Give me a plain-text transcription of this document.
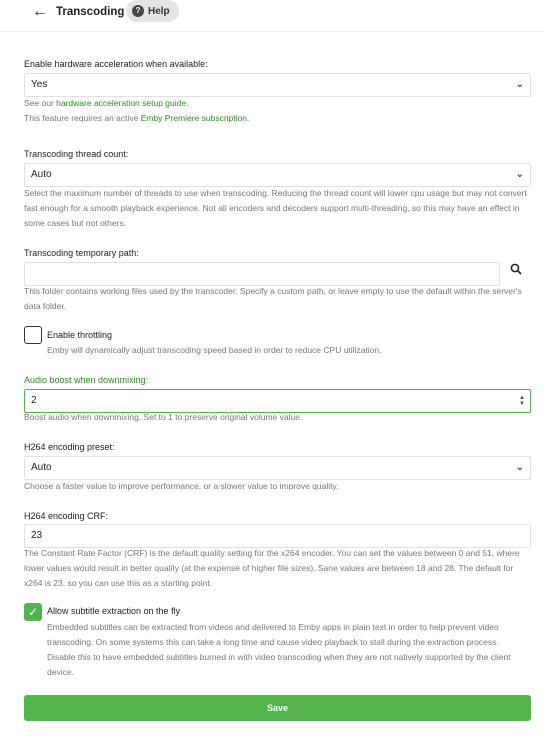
← Transcoding	? Help
Enable hardware acceleration when available:
Yes	⌄
See our hardware acceleration setup guide.
This feature requires an active Emby Premiere subscription.
Transcoding thread count:
Auto	⌄
Select the maximum number of threads to use when transcoding. Reducing the thread count will lower cpu usage but may not convert fast enough for a smooth playback experience. Not all encoders and decoders support multi-threading, so this may have an effect in some cases but not others.
Transcoding temporary path:
This folder contains working files used by the transcoder. Specify a custom path, or leave empty to use the default within the server's data folder.
Enable throttling
Emby will dynamically adjust transcoding speed based in order to reduce CPU utilization.
Audio boost when downmixing:
2	▲
▼
Boost audio when downmixing. Set to 1 to preserve original volume value.
H264 encoding preset:
Auto	⌄
Choose a faster value to improve performance, or a slower value to improve quality.
H264 encoding CRF:
23
The Constant Rate Factor (CRF) is the default quality setting for the x264 encoder. You can set the values between 0 and 51, where lower values would result in better quality (at the expense of higher file sizes). Sane values are between 18 and 28. The default for x264 is 23, so you can use this as a starting point.
✓ Allow subtitle extraction on the fly
Embedded subtitles can be extracted from videos and delivered to Emby apps in plain text in order to help prevent video transcoding. On some systems this can take a long time and cause video playback to stall during the extraction process. Disable this to have embedded subtitles burned in with video transcoding when they are not natively supported by the client device.
Save
